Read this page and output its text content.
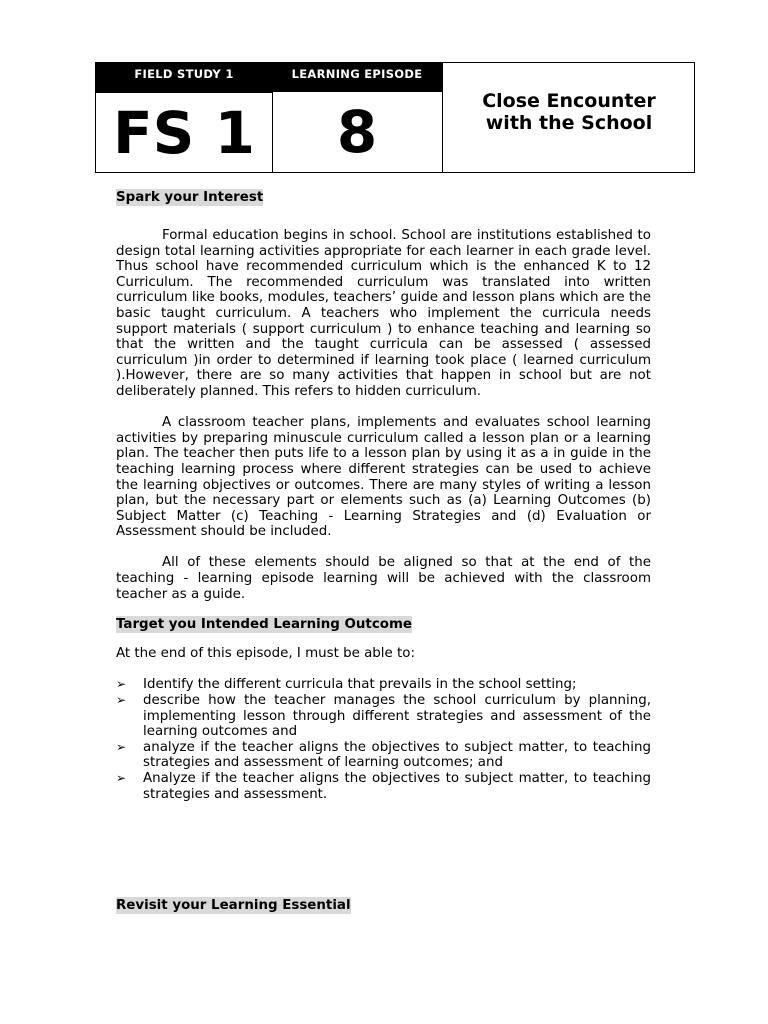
FIELD STUDY 1	LEARNING EPISODE
FS 1	8	Close Encounter
with the School
Spark your Interest

Formal education begins in school. School are institutions established to design total learning activities appropriate for each learner in each grade level. Thus school have recommended curriculum which is the enhanced K to 12 Curriculum. The recommended curriculum was translated into written curriculum like books, modules, teachers’ guide and lesson plans which are the basic taught curriculum. A teachers who implement the curricula needs support materials ( support curriculum ) to enhance teaching and learning so that the written and the taught curricula can be assessed ( assessed curriculum )in order to determined if learning took place ( learned curriculum ).However, there are so many activities that happen in school but are not deliberately planned. This refers to hidden curriculum.

A classroom teacher plans, implements and evaluates school learning activities by preparing minuscule curriculum called a lesson plan or a learning plan. The teacher then puts life to a lesson plan by using it as a in guide in the teaching learning process where different strategies can be used to achieve the learning objectives or outcomes. There are many styles of writing a lesson plan, but the necessary part or elements such as (a) Learning Outcomes (b) Subject Matter (c) Teaching - Learning Strategies and (d) Evaluation or Assessment should be included.

All of these elements should be aligned so that at the end of the teaching - learning episode learning will be achieved with the classroom teacher as a guide.

Target you Intended Learning Outcome

At the end of this episode, I must be able to:

➢ Identify the different curricula that prevails in the school setting;
➢ describe how the teacher manages the school curriculum by planning, implementing lesson through different strategies and assessment of the learning outcomes and
➢ analyze if the teacher aligns the objectives to subject matter, to teaching strategies and assessment of learning outcomes; and
➢ Analyze if the teacher aligns the objectives to subject matter, to teaching strategies and assessment.
Revisit your Learning Essential
